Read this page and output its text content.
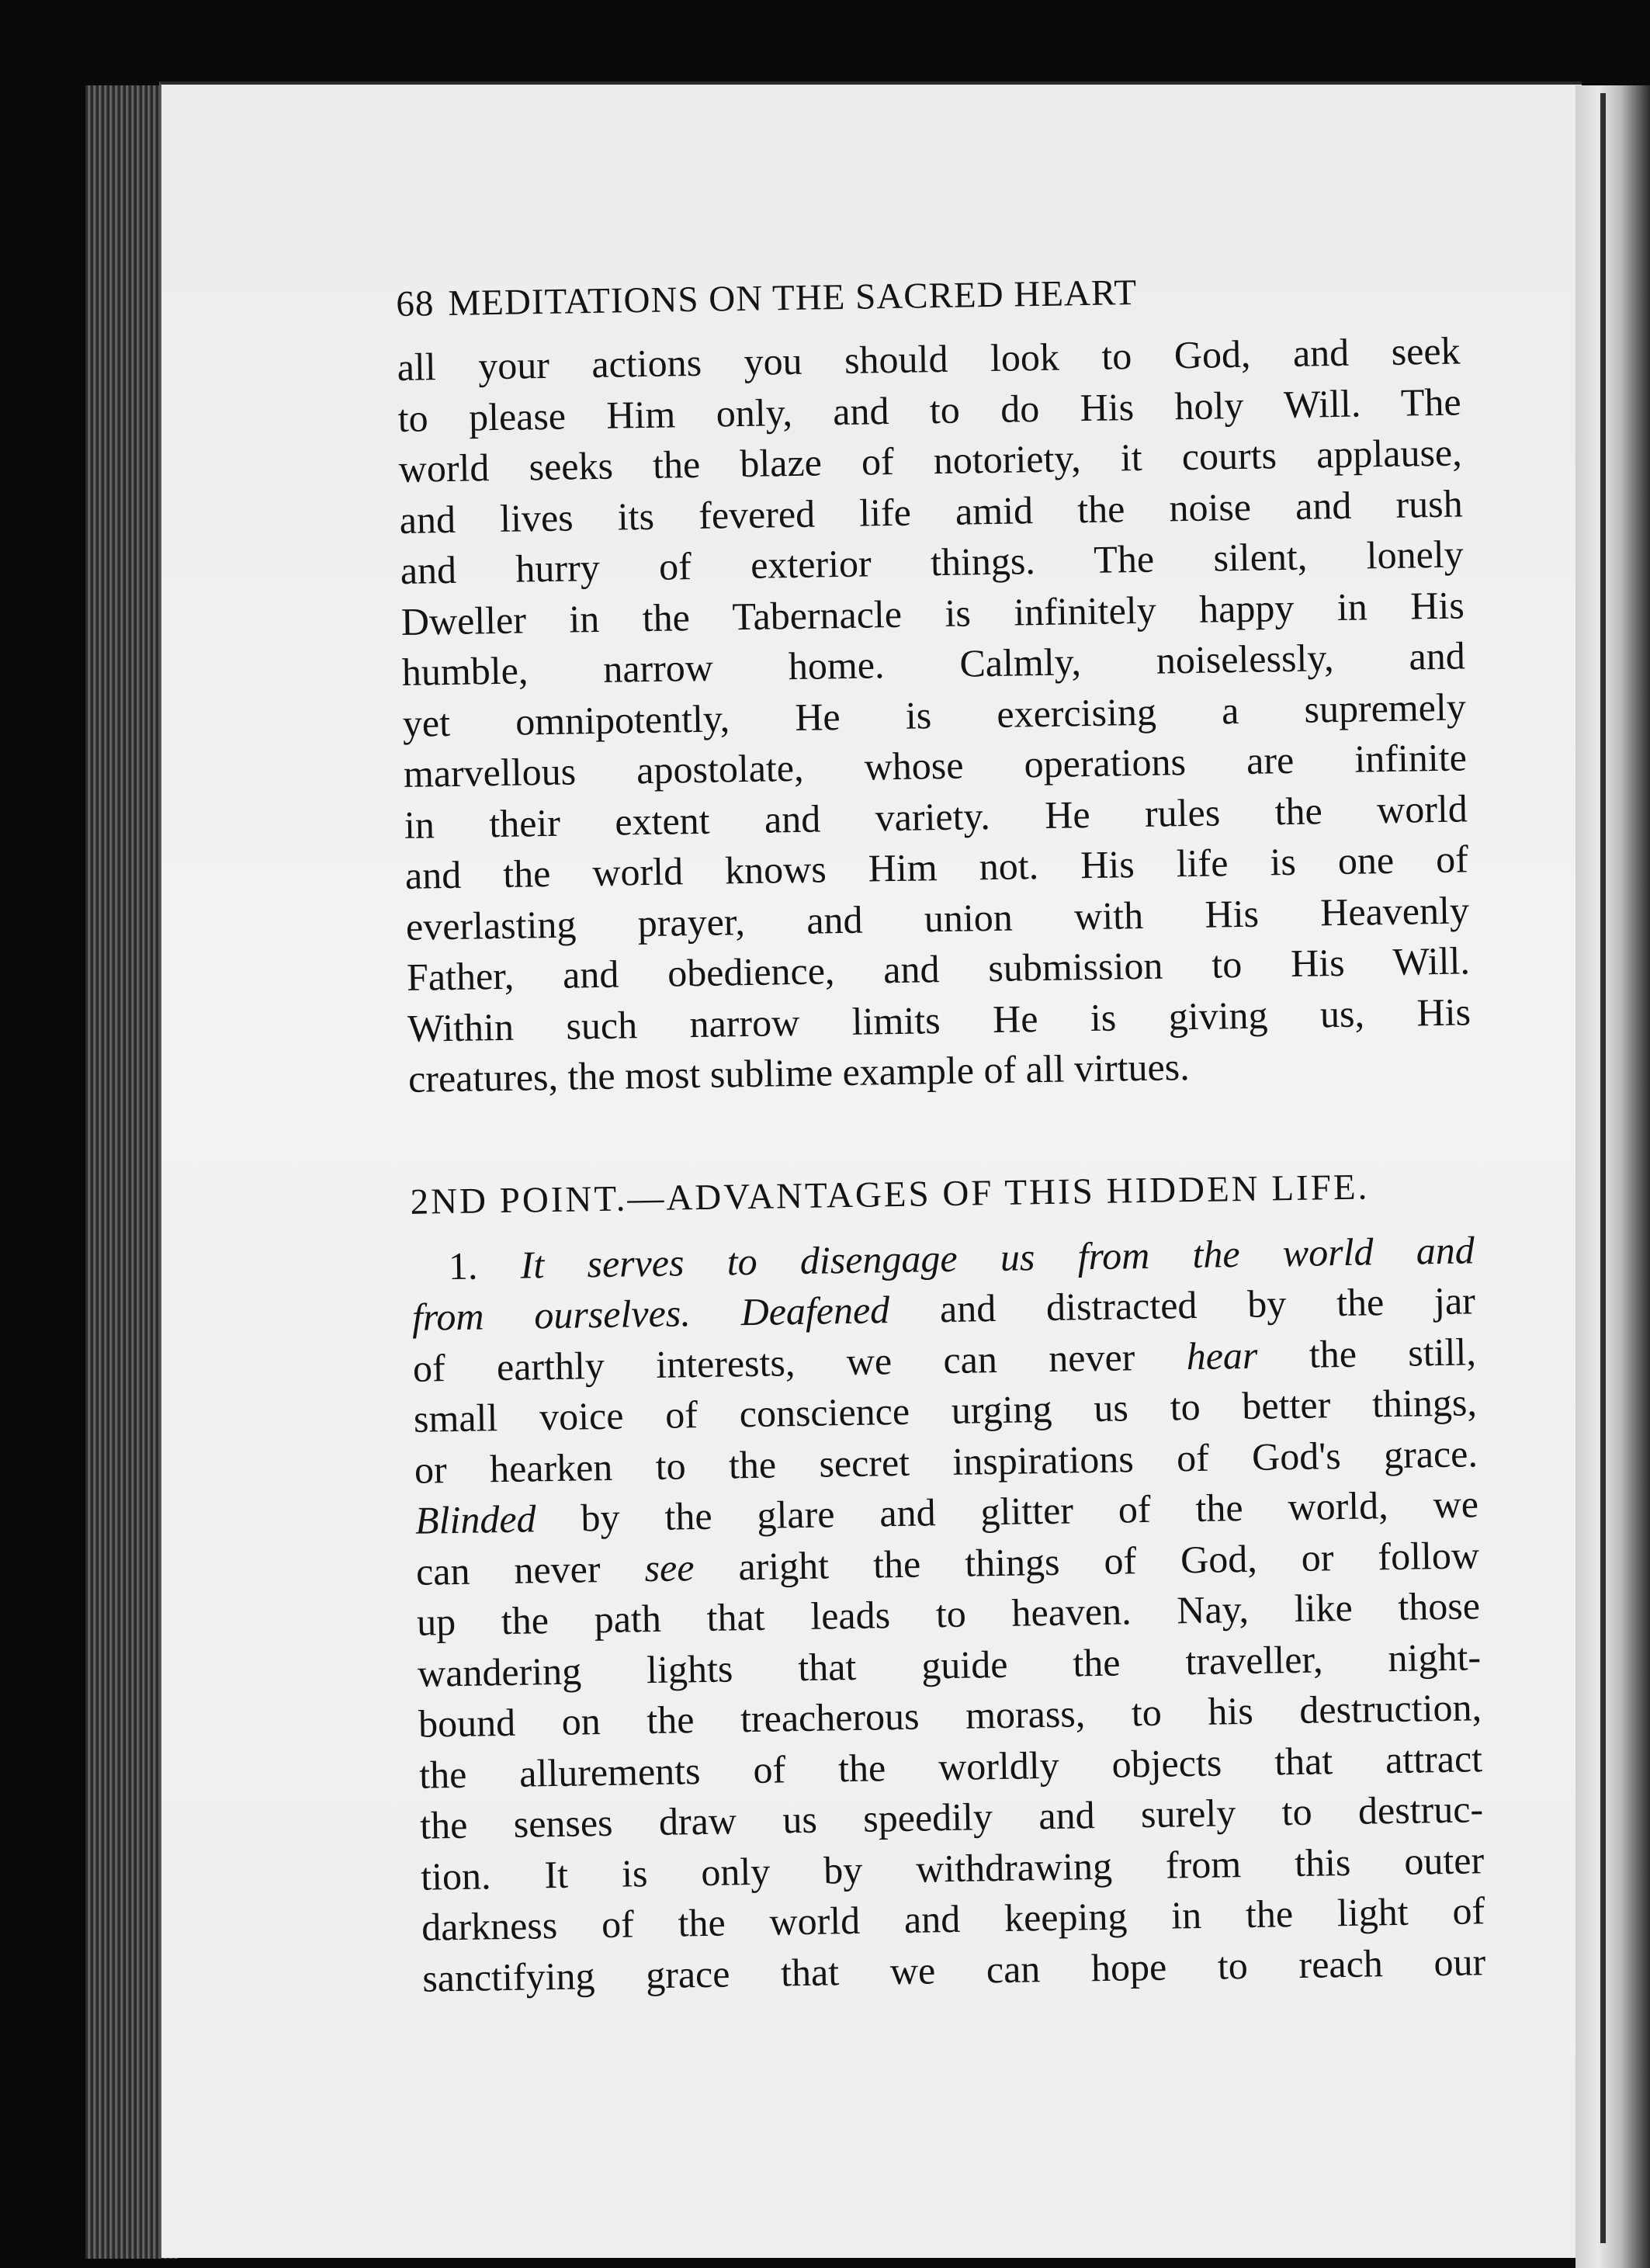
68 MEDITATIONS ON THE SACRED HEART
all your actions you should look to God, and seek
to please Him only, and to do His holy Will. The
world seeks the blaze of notoriety, it courts applause,
and lives its fevered life amid the noise and rush
and hurry of exterior things. The silent, lonely
Dweller in the Tabernacle is infinitely happy in His
humble, narrow home. Calmly, noiselessly, and
yet omnipotently, He is exercising a supremely
marvellous apostolate, whose operations are infinite
in their extent and variety. He rules the world
and the world knows Him not. His life is one of
everlasting prayer, and union with His Heavenly
Father, and obedience, and submission to His Will.
Within such narrow limits He is giving us, His
creatures, the most sublime example of all virtues.
2ND POINT.—ADVANTAGES OF THIS HIDDEN LIFE.
1. It serves to disengage us from the world and
from ourselves. Deafened and distracted by the jar
of earthly interests, we can never hear the still,
small voice of conscience urging us to better things,
or hearken to the secret inspirations of God's grace.
Blinded by the glare and glitter of the world, we
can never see aright the things of God, or follow
up the path that leads to heaven. Nay, like those
wandering lights that guide the traveller, night-
bound on the treacherous morass, to his destruction,
the allurements of the worldly objects that attract
the senses draw us speedily and surely to destruc-
tion. It is only by withdrawing from this outer
darkness of the world and keeping in the light of
sanctifying grace that we can hope to reach our
